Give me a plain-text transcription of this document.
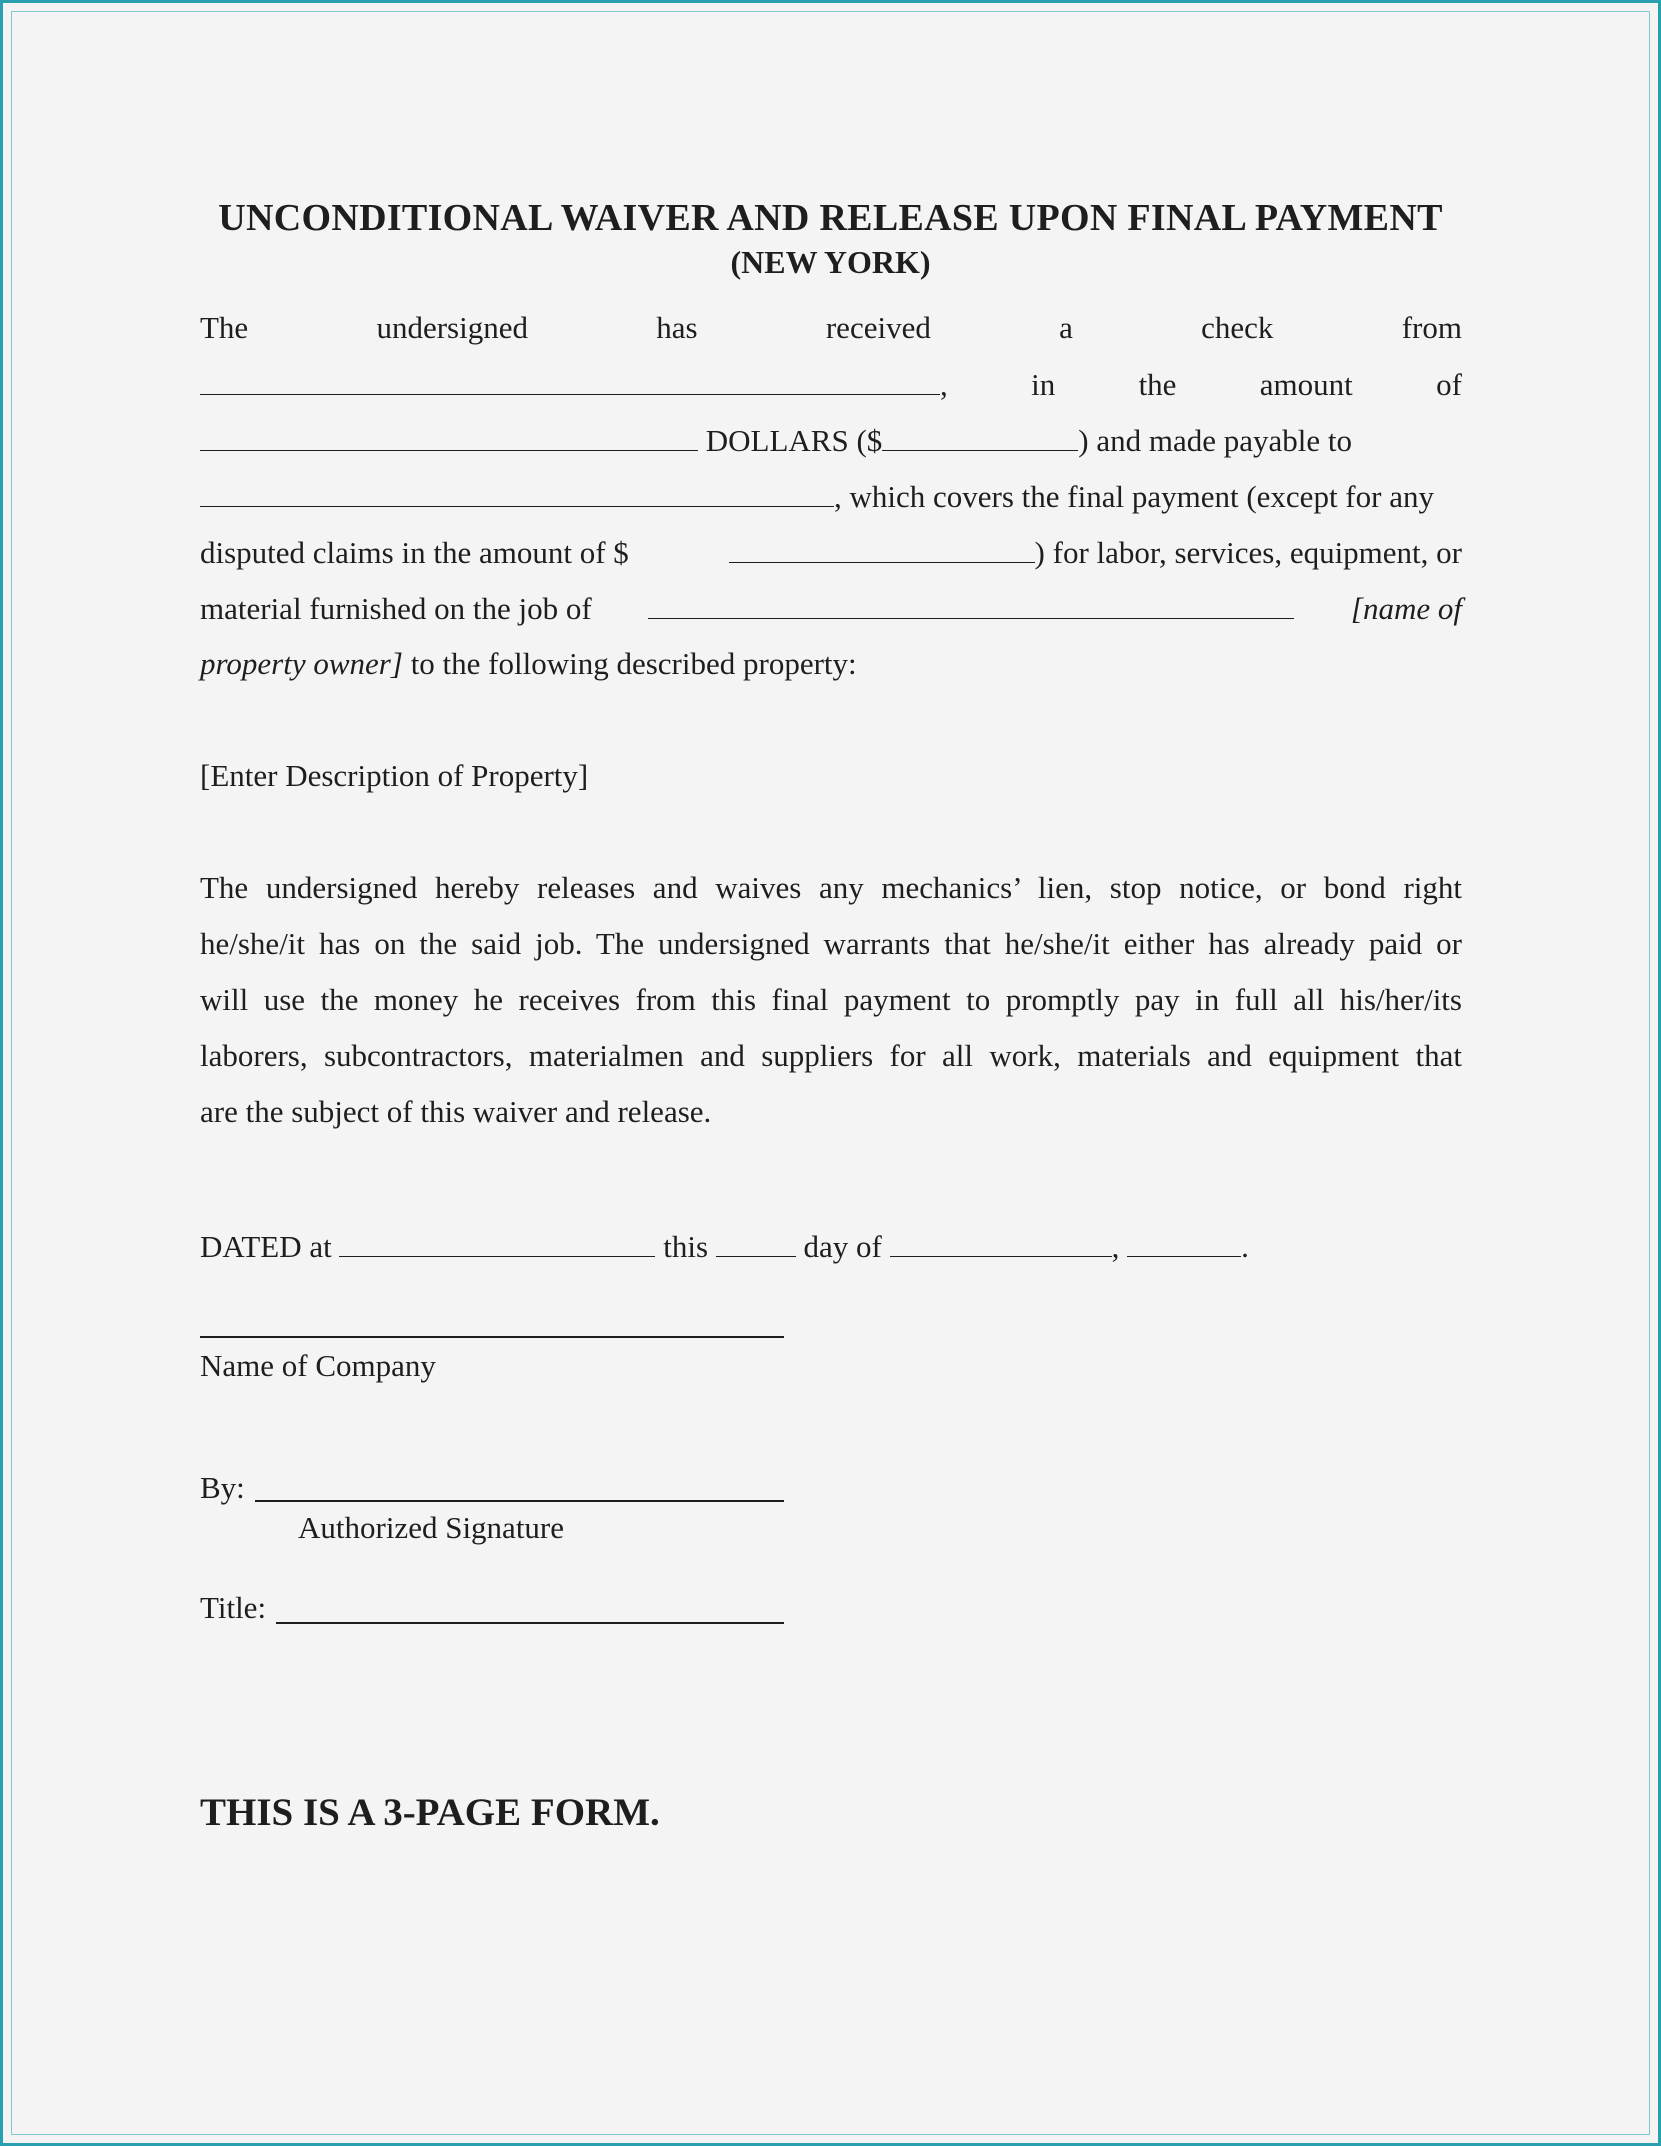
UNCONDITIONAL WAIVER AND RELEASE UPON FINAL PAYMENT
(NEW YORK)
The	undersigned	has	received	a	check	from
,	in	the	amount	of
DOLLARS ($	) and made payable to
, which covers the final payment (except for any
disputed claims in the amount of $	) for labor, services, equipment, or
material furnished on the job of	[name of
property owner] to the following described property:
[Enter Description of Property]
The undersigned hereby releases and waives any mechanics’ lien, stop notice, or bond right
he/she/it has on the said job. The undersigned warrants that he/she/it either has already paid or
will use the money he receives from this final payment to promptly pay in full all his/her/its
laborers, subcontractors, materialmen and suppliers for all work, materials and equipment that
are the subject of this waiver and release.
DATED at	this	day of	,	.
Name of Company
By:
Authorized Signature
Title:
THIS IS A 3-PAGE FORM.
